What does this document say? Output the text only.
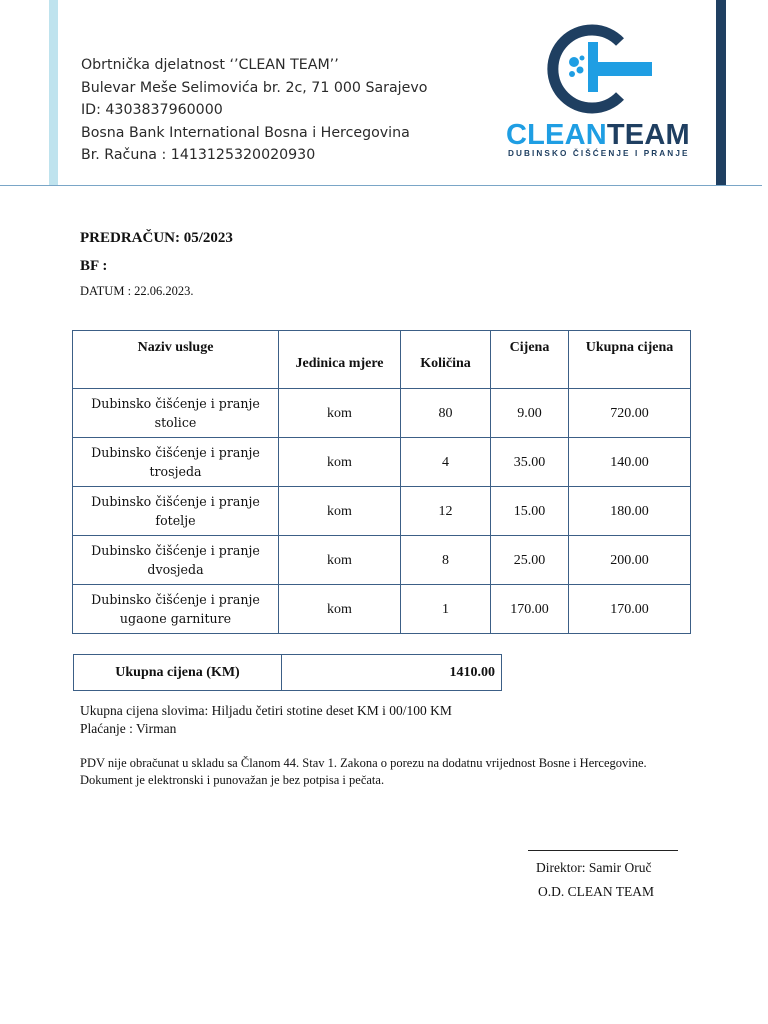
Obrtnička djelatnost ‘’CLEAN TEAM’’
Bulevar Meše Selimovića br. 2c, 71 000 Sarajevo
ID: 4303837960000
Bosna Bank International Bosna i Hercegovina
Br. Računa : 1413125320020930
CLEANTEAM
DUBINSKO ČIŠĆENJE I PRANJE
PREDRAČUN: 05/2023
BF :
DATUM : 22.06.2023.
Naziv usluge	Jedinica mjere	Količina	Cijena	Ukupna cijena

Dubinsko čišćenje i pranje
stolice	kom	80	9.00	720.00

Dubinsko čišćenje i pranje
trosjeda	kom	4	35.00	140.00

Dubinsko čišćenje i pranje
fotelje	kom	12	15.00	180.00

Dubinsko čišćenje i pranje
dvosjeda	kom	8	25.00	200.00

Dubinsko čišćenje i pranje
ugaone garniture	kom	1	170.00	170.00
Ukupna cijena (KM)	1410.00
Ukupna cijena slovima: Hiljadu četiri stotine deset KM i 00/100 KM
Plaćanje : Virman
PDV nije obračunat u skladu sa Članom 44. Stav 1. Zakona o porezu na dodatnu vrijednost Bosne i Hercegovine.
Dokument je elektronski i punovažan je bez potpisa i pečata.
Direktor: Samir Oruč
O.D. CLEAN TEAM
